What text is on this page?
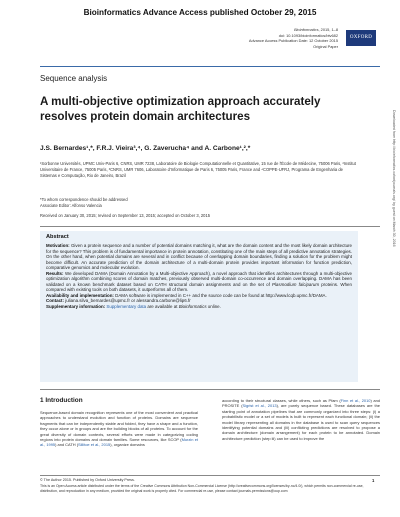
Bioinformatics Advance Access published October 29, 2015
Bioinformatics, 2015, 1–8
doi: 10.1093/bioinformatics/btv682
Advance Access Publication Date: 12 October 2015
Original Paper
OXFORD
Sequence analysis
A multi-objective optimization approach accurately resolves protein domain architectures
J.S. Bernardes¹,*, F.R.J. Vieira³,⁴, G. Zaverucha⁴ and A. Carbone¹,²,*
¹Sorbonne Universités, UPMC Univ-Paris 6, CNRS, UMR 7238, Laboratoire de Biologie Computationnelle et Quantitative, 15 rue de l'École de Médecine, 75006 Paris, ²Institut Universitaire de France, 75005 Paris, ³CNRS, UMR 7606, Laboratoire d'Informatique de Paris 6, 75005 Paris, France and ⁴COPPE-UFRJ, Programa de Engenharia de Sistemas e Computação, Rio de Janeiro, Brazil
*To whom correspondence should be addressed
Associate Editor: Alfonso Valencia
Received on January 30, 2015; revised on September 13, 2015; accepted on October 3, 2015
Abstract

Motivation: Given a protein sequence and a number of potential domains matching it, what are the domain content and the most likely domain architecture for the sequence? This problem is of fundamental importance in protein annotation, constituting one of the main steps of all predictive annotation strategies. On the other hand, when potential domains are several and in conflict because of overlapping domain boundaries, finding a solution for the problem might become difficult. An accurate prediction of the domain architecture of a multi-domain protein provides important information for function prediction, comparative genomics and molecular evolution.

Results: We developed DAMA (Domain Annotation by a Multi-objective Approach), a novel approach that identifies architectures through a multi-objective optimization algorithm combining scores of domain matches, previously observed multi-domain co-occurrence and domain overlapping. DAMA has been validated on a known benchmark dataset based on CATH structural domain assignments and on the set of Plasmodium falciparum proteins. When compared with existing tools on both datasets, it outperforms all of them.

Availability and implementation: DAMA software is implemented in C++ and the source code can be found at http://www.lcqb.upmc.fr/DAMA.

Contact: juliana.silva_bernardes@upmc.fr or alessandra.carbone@lip6.fr

Supplementary information: Supplementary data are available at Bioinformatics online.

1 Introduction
Sequence-based domain recognition represents one of the most convenient and practical approaches to understand evolution and function of proteins. Domains are sequence fragments that can be independently stable and folded, they have a shape and a function, they occur alone or in groups and are the building blocks of all proteins. To account for the great diversity of domain contexts, several efforts were made in categorizing coding regions into protein domains and domain families. Some resources, like SCOP (Murzin et al., 1995) and CATH (Sillitoe et al., 2015), organize domains
according to their structural classes, while others, such as Pfam (Finn et al., 2010) and PROSITE (Sigrist et al., 2013), are purely sequence based. These databases are the starting point of annotation pipelines that are commonly organized into three steps: (i) a probabilistic model or a set of models is built to represent each functional domain; (ii) the model library representing all domains in the database is used to scan query sequences identifying potential domains and (iii) conflicting predictions are resolved to propose a domain architecture (domain arrangement) for each protein to be annotated. Domain architecture prediction (step iii) can be used to improve the
© The Author 2015. Published by Oxford University Press.	1
This is an Open Access article distributed under the terms of the Creative Commons Attribution Non-Commercial License (http://creativecommons.org/licenses/by-nc/4.0/), which permits non-commercial re-use, distribution, and reproduction in any medium, provided the original work is properly cited. For commercial re-use, please contact journals.permissions@oup.com
Downloaded from http://bioinformatics.oxfordjournals.org/ by guest on March 30, 2016
